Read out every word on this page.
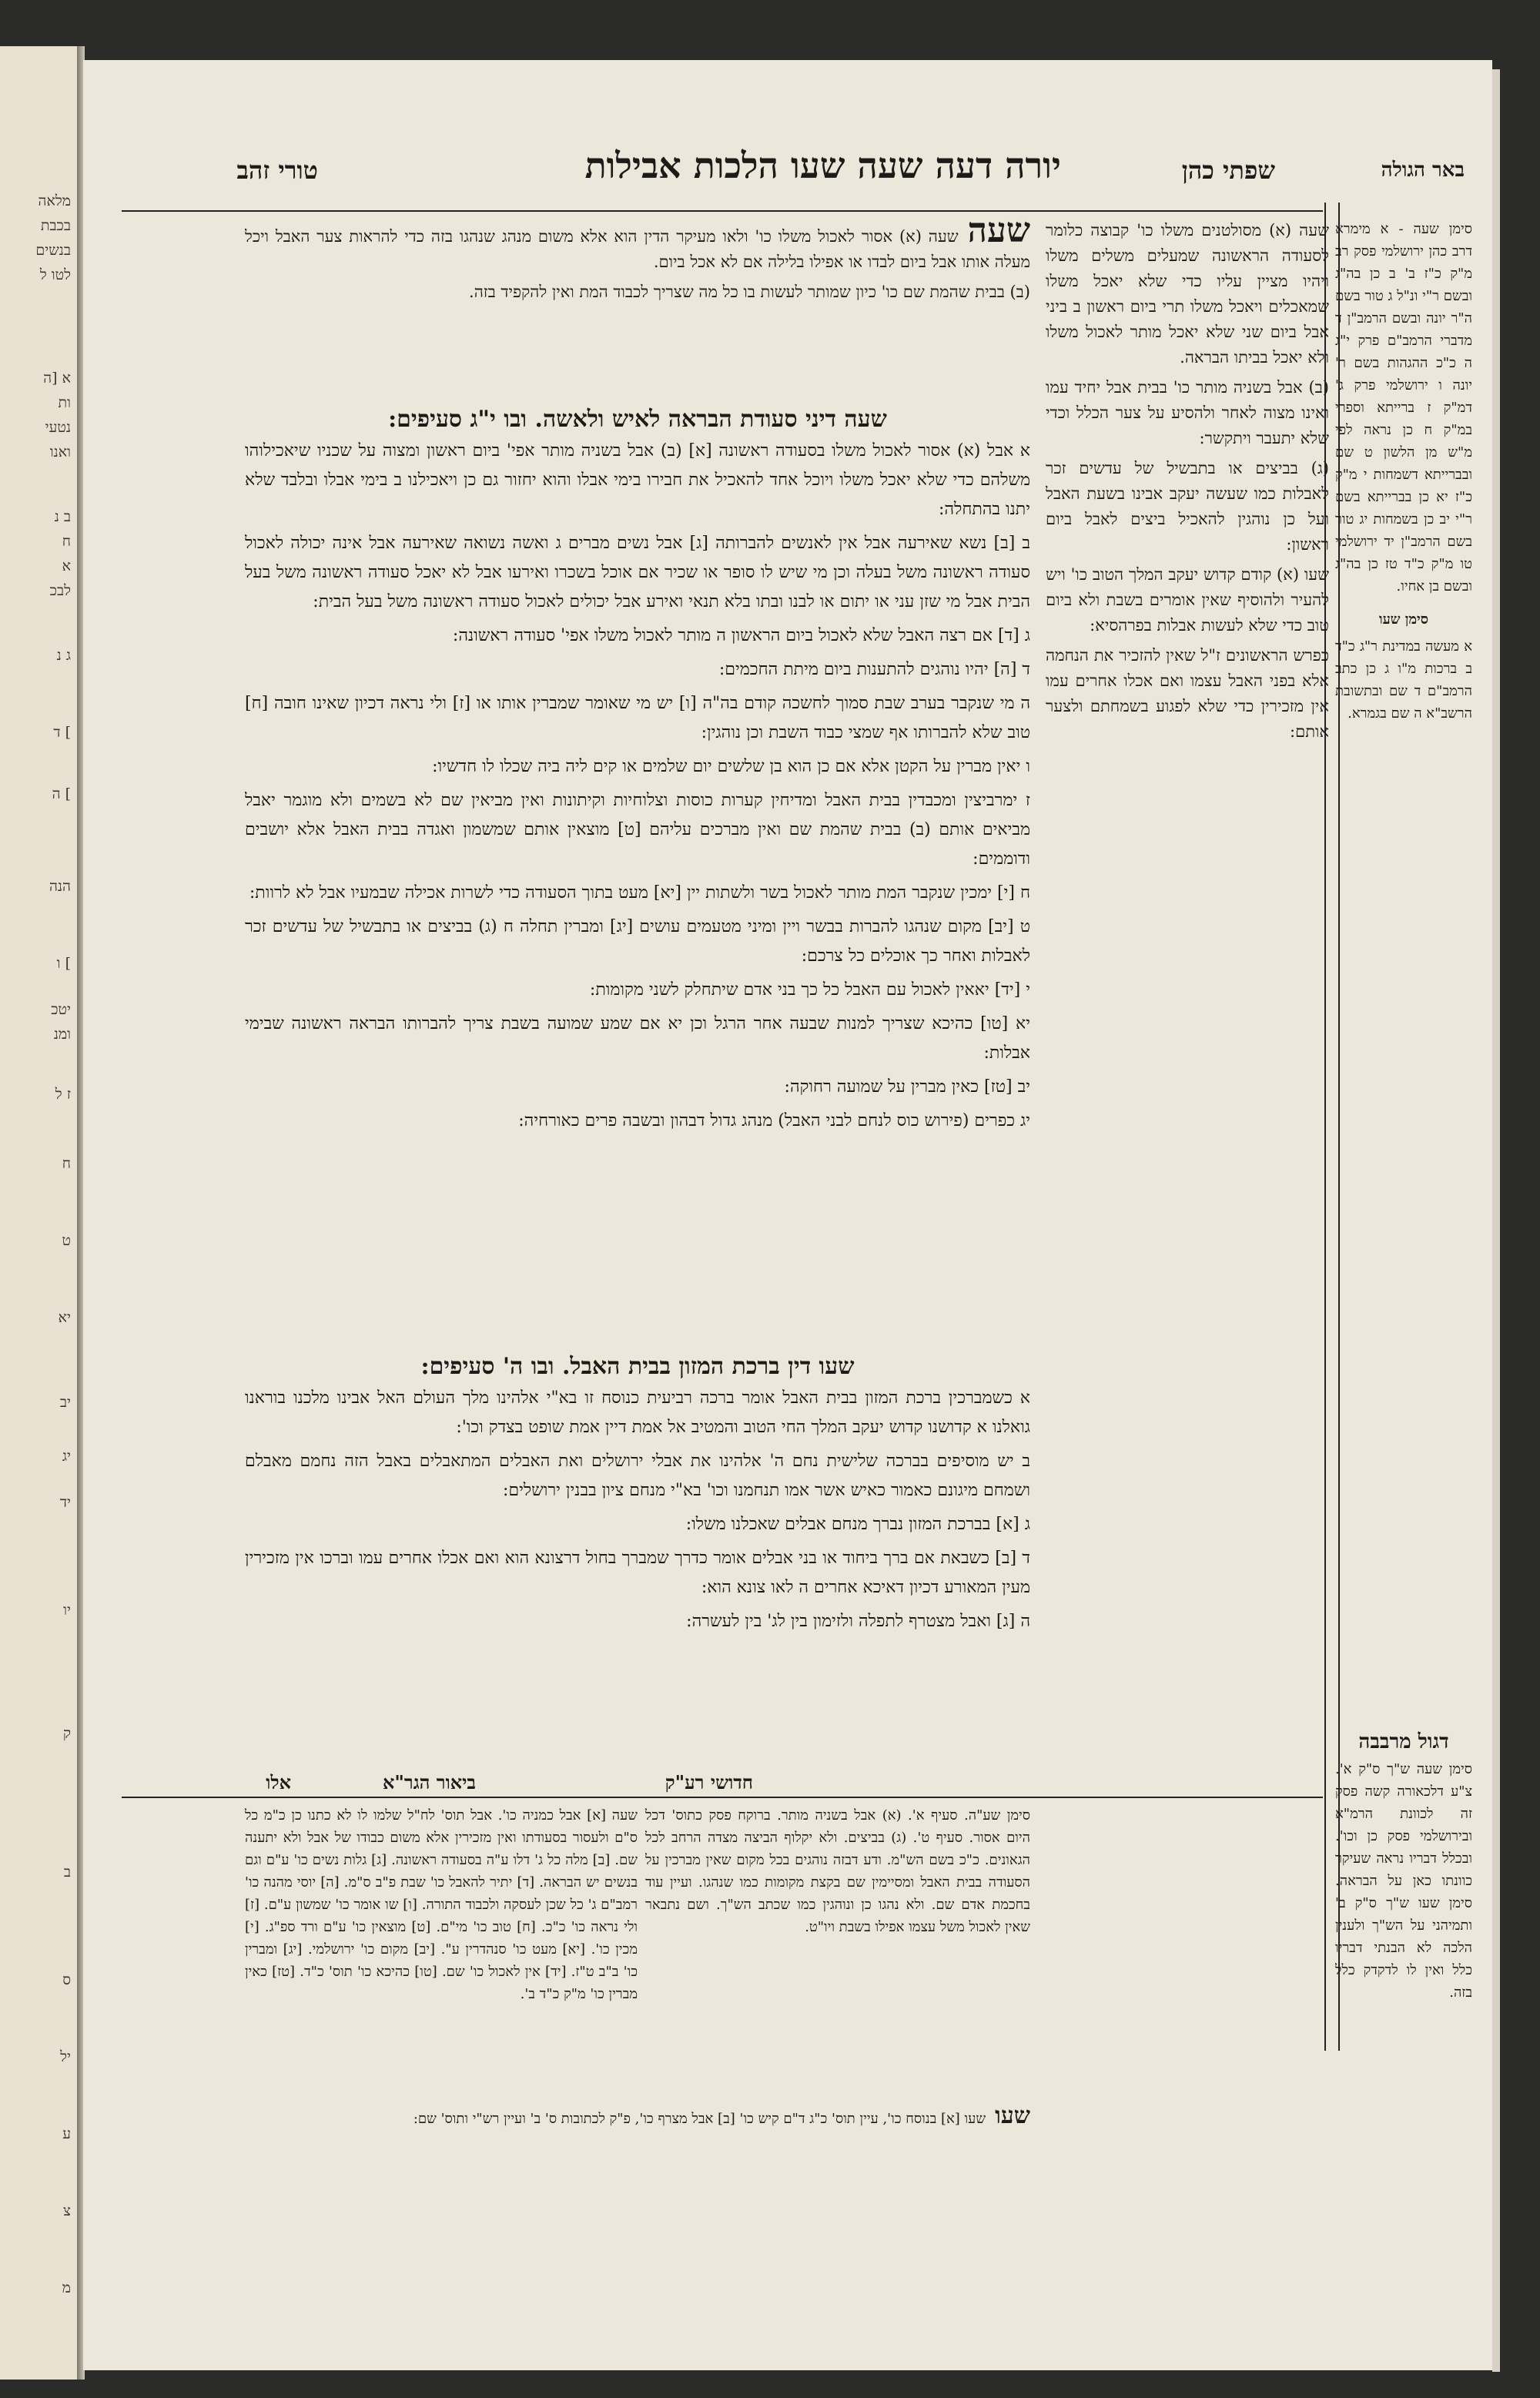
מלאה
בכבת
בנשים
לטו ל
א [ה
ות
נטעי
ואנו
ב נ
ח
א
לבכ
ג נ
ד [
ה [
הנה
ו [
יטכ
ומנ
ז ל
ח
ט
יא
יב
יג
יד
יו
ק
ב
ס
יל
ע
צ
מ
באר הגולה
שפתי כהן
יורה דעה שעה שעו הלכות אבילות
טורי זהב

סימן שעה - א מימרא דרב כהן ירושלמי פסק רב מ"ק כ"ז ב' ב כן בה"ג ובשם ר"י ונ"ל ג טור בשם ה"ר יונה ובשם הרמב"ן ד מדברי הרמב"ם פרק י"ג ה כ"כ ההגהות בשם ר' יונה ו ירושלמי פרק ג' דמ"ק ז ברייתא וספרי במ"ק ח כן נראה לפי מ"ש מן הלשון ט שם ובברייתא דשמחות י מ"ק כ"ז יא כן בברייתא בשם ר"י יב כן בשמחות יג טור בשם הרמב"ן יד ירושלמי טו מ"ק כ"ד טז כן בה"ג ובשם בן אחיו.

סימן שעו

א מעשה במדינת ר"ג כ"ד ב ברכות מ"ו ג כן כתב הרמב"ם ד שם ובתשובת הרשב"א ה שם בגמרא.

דגול מרבבה

סימן שעה ש"ך ס"ק א'. צ"ע דלכאורה קשה פסק זה לכוונת הרמ"א ובירושלמי פסק כן וכו'. ובכלל דבריו נראה שעיקר כוונתו כאן על הבראה. סימן שעו ש"ך ס"ק ב' ותמיהני על הש"ך ולענין הלכה לא הבנתי דבריו כלל ואין לו לדקדק כלל בזה.

שעה (א) מסולטנים משלו כו' קבוצה כלומר לסעודה הראשונה שמעלים משלים משלו ויהיו מציין עליו כדי שלא יאכל משלו שמאכלים ויאכל משלו תרי ביום ראשון ב ביני אבל ביום שני שלא יאכל מותר לאכול משלו ולא יאכל בביתו הבראה.

(ב) אבל בשניה מותר כו' בבית אבל יחיד עמו ואינו מצוה לאחר ולהסיע על צער הכלל וכדי שלא יתעבר ויתקשר:

(ג) בביצים או בתבשיל של עדשים זכר לאבלות כמו שעשה יעקב אבינו בשעת האבל ועל כן נוהגין להאכיל ביצים לאבל ביום ראשון:

שעו (א) קודם קדוש יעקב המלך הטוב כו' ויש להעיר ולהוסיף שאין אומרים בשבת ולא ביום טוב כדי שלא לעשות אבלות בפרהסיא:

כפרש הראשונים ז"ל שאין להזכיר את הנחמה אלא בפני האבל עצמו ואם אכלו אחרים עמו אין מזכירין כדי שלא לפגוע בשמחתם ולצער אותם:

שעהשעה (א) אסור לאכול משלו כו' ולאו מעיקר הדין הוא אלא משום מנהג שנהגו בזה כדי להראות צער האבל ויכל מעלה אותו אבל ביום לבדו או אפילו בלילה אם לא אכל ביום.

(ב) בבית שהמת שם כו' כיון שמותר לעשות בו כל מה שצריך לכבוד המת ואין להקפיד בזה.

שעה דיני סעודת הבראה לאיש ולאשה. ובו י"ג סעיפים:

א אבל (א) אסור לאכול משלו בסעודה ראשונה [א] (ב) אבל בשניה מותר אפי' ביום ראשון ומצוה על שכניו שיאכילוהו משלהם כדי שלא יאכל משלו ויוכל אחד להאכיל את חבירו בימי אבלו והוא יחזור גם כן ויאכילנו ב בימי אבלו ובלבד שלא יתנו בהתחלה:

ב [ב] נשא שאירעה אבל אין לאנשים להברותה [ג] אבל נשים מברים ג ואשה נשואה שאירעה אבל אינה יכולה לאכול סעודה ראשונה משל בעלה וכן מי שיש לו סופר או שכיר אם אוכל בשכרו ואירעו אבל לא יאכל סעודה ראשונה משל בעל הבית אבל מי שזן עני או יתום או לבנו ובתו בלא תנאי ואירע אבל יכולים לאכול סעודה ראשונה משל בעל הבית:

ג [ד] אם רצה האבל שלא לאכול ביום הראשון ה מותר לאכול משלו אפי' סעודה ראשונה:

ד [ה] יהיו נוהגים להתענות ביום מיתת החכמים:

ה מי שנקבר בערב שבת סמוך לחשכה קודם בה"ה [ו] יש מי שאומר שמברין אותו או [ז] ולי נראה דכיון שאינו חובה [ח] טוב שלא להברותו אף שמצי כבוד השבת וכן נוהגין:

ו יאין מברין על הקטן אלא אם כן הוא בן שלשים יום שלמים או קים ליה ביה שכלו לו חדשיו:

ז ימרביצין ומכבדין בבית האבל ומדיחין קערות כוסות וצלוחיות וקיתונות ואין מביאין שם לא בשמים ולא מוגמר יאבל מביאים אותם (ב) בבית שהמת שם ואין מברכים עליהם [ט] מוצאין אותם שמשמון ואגדה בבית האבל אלא יושבים ודוממים:

ח [י] ימכין שנקבר המת מותר לאכול בשר ולשתות יין [יא] מעט בתוך הסעודה כדי לשרות אכילה שבמעיו אבל לא לרוות:

ט [יב] מקום שנהגו להברות בבשר ויין ומיני מטעמים עושים [יג] ומברין תחלה ח (ג) בביצים או בתבשיל של עדשים זכר לאבלות ואחר כך אוכלים כל צרכם:

י [יד] יאאין לאכול עם האבל כל כך בני אדם שיתחלק לשני מקומות:

יא [טו] כהיכא שצריך למנות שבעה אחר הרגל וכן יא אם שמע שמועה בשבת צריך להברותו הבראה ראשונה שבימי אבלות:

יב [טז] כאין מברין על שמועה רחוקה:

יג כפרים (פירוש כוס לנחם לבני האבל) מנהג גדול דבהון ובשבה פרים כאורחיה:

שעו דין ברכת המזון בבית האבל. ובו ה' סעיפים:

א כשמברכין ברכת המזון בבית האבל אומר ברכה רביעית כנוסח זו בא"י אלהינו מלך העולם האל אבינו מלכנו בוראנו גואלנו א קדושנו קדוש יעקב המלך החי הטוב והמטיב אל אמת דיין אמת שופט בצדק וכו':

ב יש מוסיפים בברכה שלישית נחם ה' אלהינו את אבלי ירושלים ואת האבלים המתאבלים באבל הזה נחמם מאבלם ושמחם מיגונם כאמור כאיש אשר אמו תנחמנו וכו' בא"י מנחם ציון בבנין ירושלים:

ג [א] בברכת המזון נברך מנחם אבלים שאכלנו משלו:

ד [ב] כשבאת אם ברך ביחוד או בני אבלים אומר כדרך שמברך בחול דרצונא הוא ואם אכלו אחרים עמו וברכו אין מזכירין מעין המאורע דכיון דאיכא אחרים ה לאו צונא הוא:

ה [ג] ואבל מצטרף לתפלה ולזימון בין לג' בין לעשרה:

חדושי רע"ק
ביאור הגר"א
אלו

סימן שע"ה. סעיף א'. (א) אבל בשניה מותר. ברוקח פסק כתוס' דכל היום אסור. סעיף ט'. (ג) בביצים. ולא יקלוף הביצה מצדה הרחב לכל הגאונים. כ"כ בשם הש"מ. ודע דבזה נוהגים בכל מקום שאין מברכין על הסעודה בבית האבל ומסיימין שם בקצת מקומות כמו שנהגו. ועיין עוד בחכמת אדם שם. ולא נהגו כן ונוהגין כמו שכתב הש"ך. ושם נתבאר שאין לאכול משל עצמו אפילו בשבת ויו"ט.

שעה [א] אבל כמניה כו'. אבל תוס' לח"ל שלמו לו לא כתנו כן כ"מ כל ס"ם ולעסור בסעודתו ואין מזכירין אלא משום כבודו של אבל ולא יתענה שם. [ב] מלה כל ג' דלו ע"ה בסעודה ראשונה. [ג] גלות נשים כו' ע"ם וגם בנשים יש הבראה. [ד] יתיר להאבל כו' שבת פ"ב ס"מ. [ה] יוסי מהנה כו' רמב"ם ג' כל שכן לעסקה ולכבוד התורה. [ו] שו אומר כו' שמשון ע"ם. [ז] ולי נראה כו' כ"כ. [ח] טוב כו' מי"ם. [ט] מוצאין כו' ע"ם ורד ספ"ג. [י] מכין כו'. [יא] מעט כו' סנהדרין ע". [יב] מקום כו' ירושלמי. [יג] ומברין כו' ב"ב ט"ז. [יד] אין לאכול כו' שם. [טו] כהיכא כו' תוס' כ"ד. [טז] כאין מברין כו' מ"ק כ"ד ב'.

שעושעו [א] בנוסח כו', עיין תוס' כ"ג ד"ם קיש כו' [ב] אבל מצרף כו', פ"ק לכתובות ס' ב' ועיין רש"י ותוס' שם:
